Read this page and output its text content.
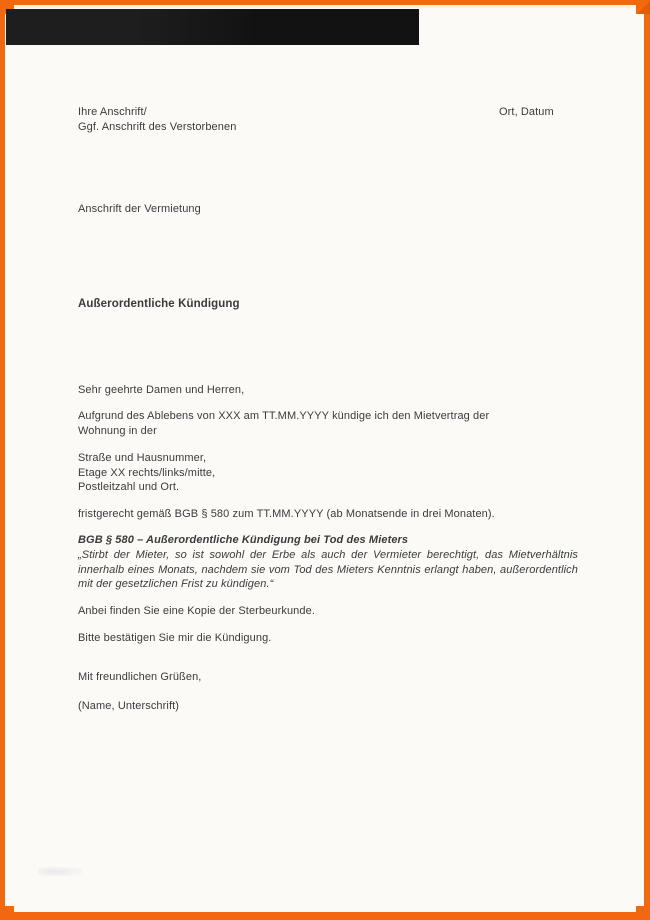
Ihre Anschrift/
Ggf. Anschrift des Verstorbenen
Ort, Datum
Anschrift der Vermietung
Außerordentliche Kündigung
Sehr geehrte Damen und Herren,
Aufgrund des Ablebens von XXX am TT.MM.YYYY kündige ich den Mietvertrag der
Wohnung in der
Straße und Hausnummer,
Etage XX rechts/links/mitte,
Postleitzahl und Ort.
fristgerecht gemäß BGB § 580 zum TT.MM.YYYY (ab Monatsende in drei Monaten).
BGB § 580 – Außerordentliche Kündigung bei Tod des Mieters
„Stirbt der Mieter, so ist sowohl der Erbe als auch der Vermieter berechtigt, das Mietverhältnis innerhalb eines Monats, nachdem sie vom Tod des Mieters Kenntnis erlangt haben, außerordentlich mit der gesetzlichen Frist zu kündigen.“
Anbei finden Sie eine Kopie der Sterbeurkunde.
Bitte bestätigen Sie mir die Kündigung.
Mit freundlichen Grüßen,
(Name, Unterschrift)
